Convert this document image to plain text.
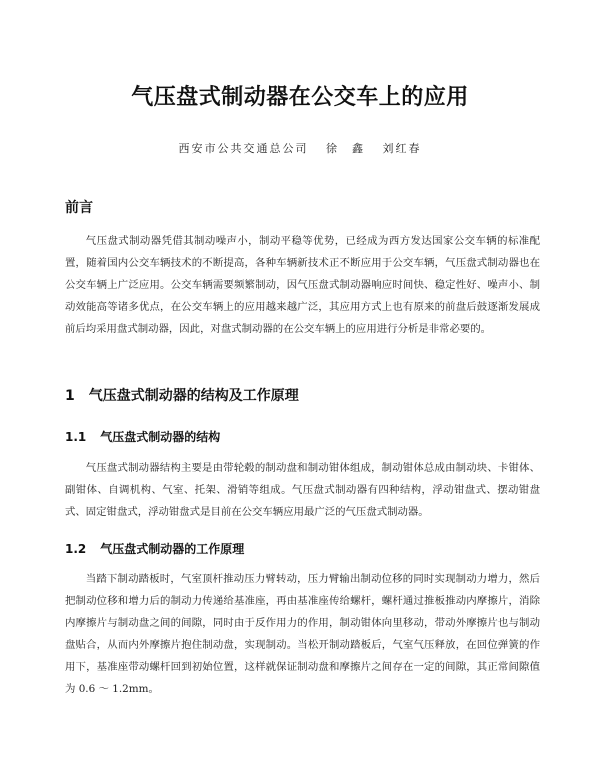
气压盘式制动器在公交车上的应用
西安市公共交通总公司 徐　鑫 刘红春
前言
气压盘式制动器凭借其制动噪声小，制动平稳等优势，已经成为西方发达国家公交车辆的标准配置，随着国内公交车辆技术的不断提高，各种车辆新技术正不断应用于公交车辆，气压盘式制动器也在公交车辆上广泛应用。公交车辆需要频繁制动，因气压盘式制动器响应时间快、稳定性好、噪声小、制动效能高等诸多优点，在公交车辆上的应用越来越广泛，其应用方式上也有原来的前盘后鼓逐渐发展成前后均采用盘式制动器，因此，对盘式制动器的在公交车辆上的应用进行分析是非常必要的。
1 气压盘式制动器的结构及工作原理
1.1 气压盘式制动器的结构
气压盘式制动器结构主要是由带轮毂的制动盘和制动钳体组成，制动钳体总成由制动块、卡钳体、副钳体、自调机构、气室、托架、滑销等组成。气压盘式制动器有四种结构，浮动钳盘式、摆动钳盘式、固定钳盘式，浮动钳盘式是目前在公交车辆应用最广泛的气压盘式制动器。
1.2 气压盘式制动器的工作原理
当踏下制动踏板时，气室顶杆推动压力臂转动，压力臂输出制动位移的同时实现制动力增力，然后把制动位移和增力后的制动力传递给基准座，再由基准座传给螺杆，螺杆通过推板推动内摩擦片，消除内摩擦片与制动盘之间的间隙，同时由于反作用力的作用，制动钳体向里移动，带动外摩擦片也与制动盘贴合，从而内外摩擦片抱住制动盘，实现制动。当松开制动踏板后，气室气压释放，在回位弹簧的作用下，基准座带动螺杆回到初始位置，这样就保证制动盘和摩擦片之间存在一定的间隙，其正常间隙值为 0.6 ～ 1.2mm。
